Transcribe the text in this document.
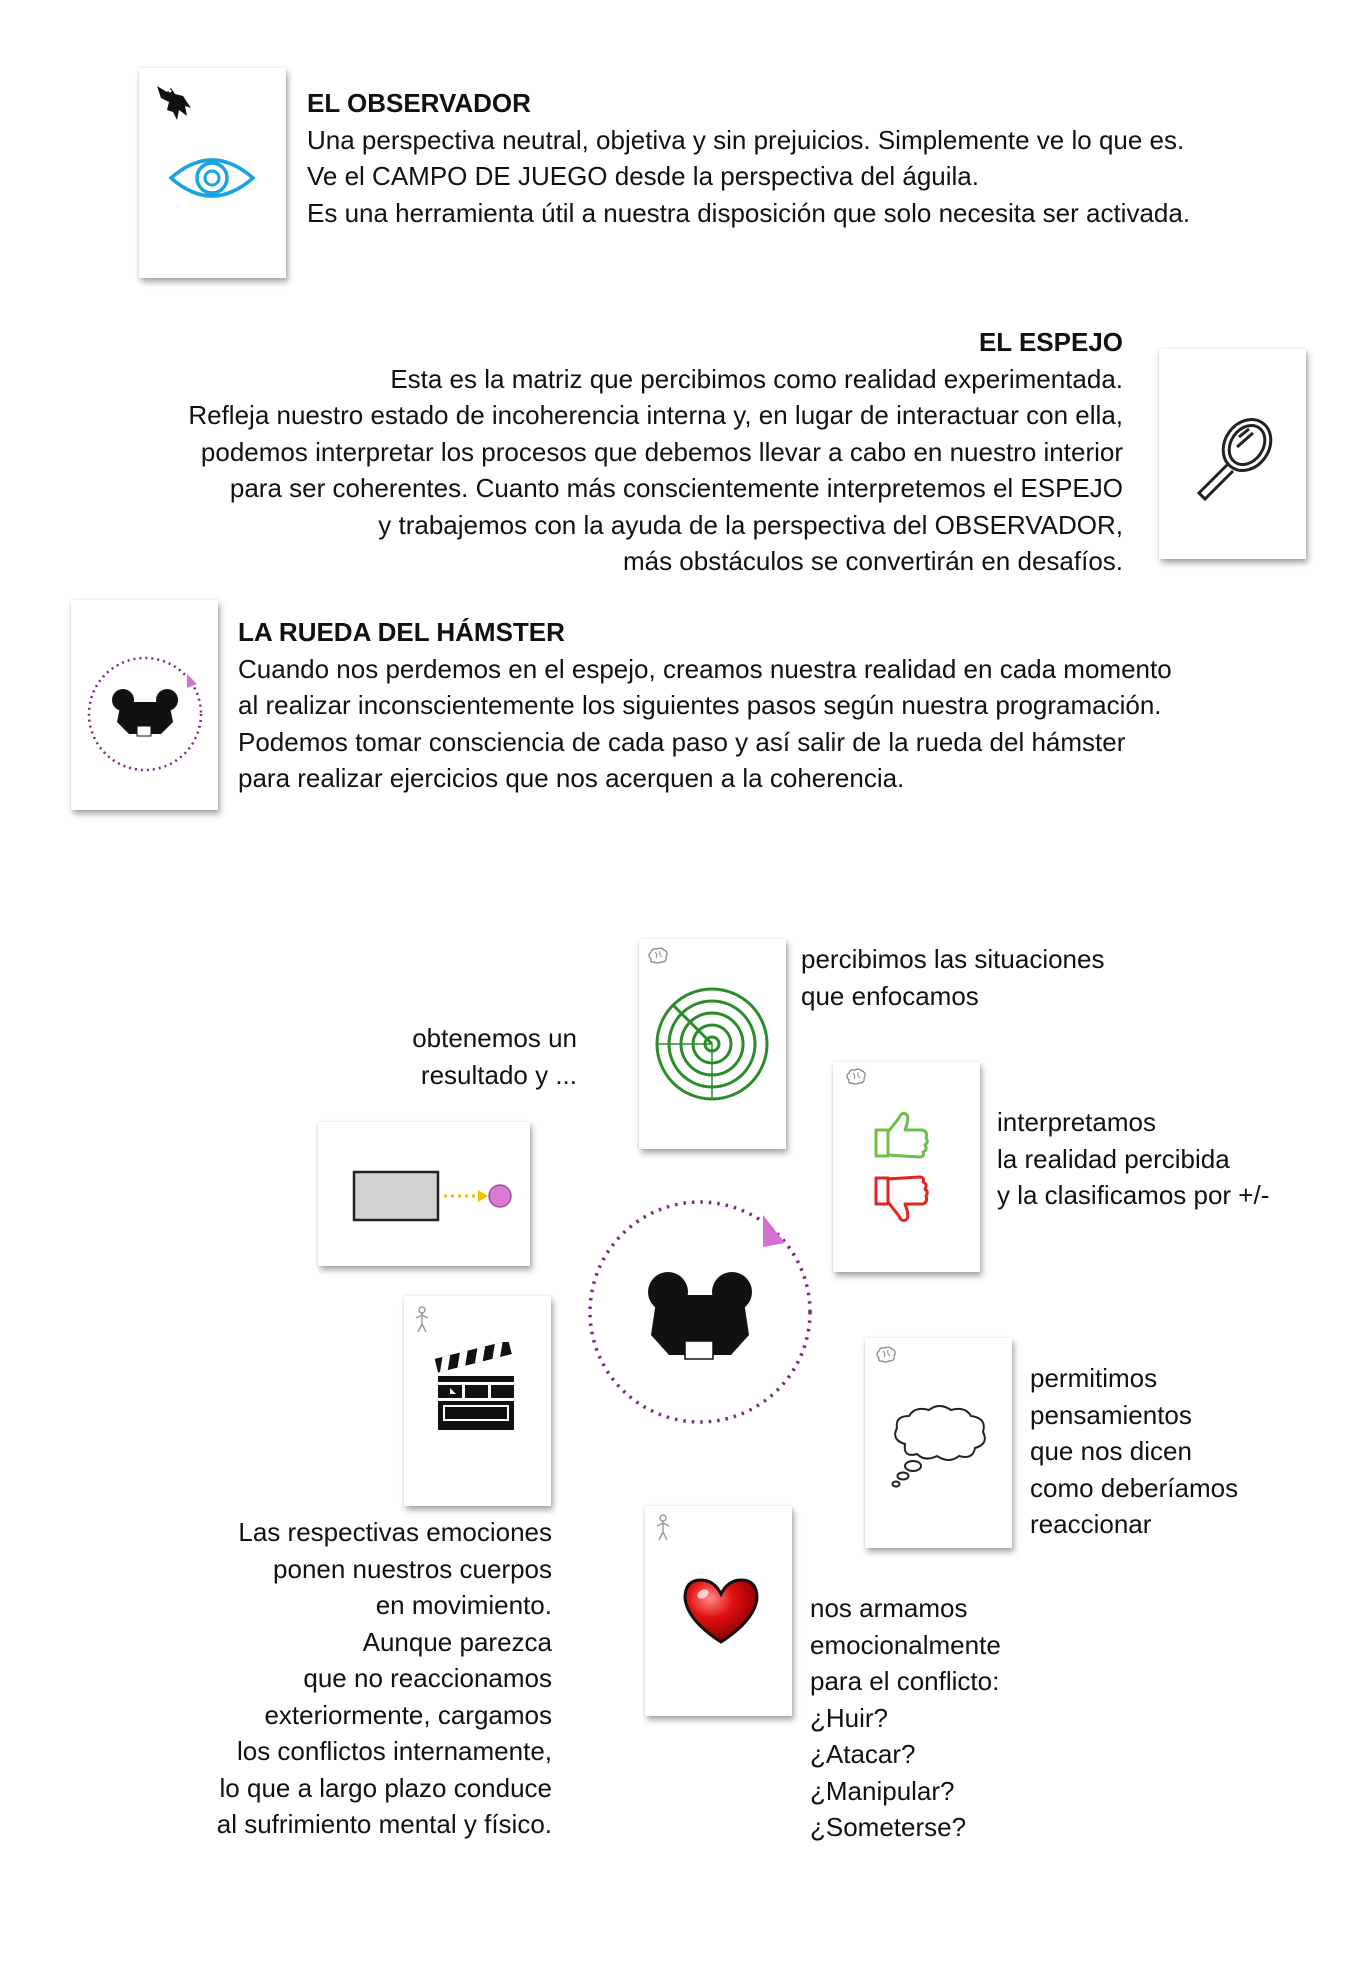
EL OBSERVADOR
Una perspectiva neutral, objetiva y sin prejuicios. Simplemente ve lo que es.
Ve el CAMPO DE JUEGO desde la perspectiva del águila.
Es una herramienta útil a nuestra disposición que solo necesita ser activada.
EL ESPEJO
Esta es la matriz que percibimos como realidad experimentada.
Refleja nuestro estado de incoherencia interna y, en lugar de interactuar con ella,
podemos interpretar los procesos que debemos llevar a cabo en nuestro interior
para ser coherentes. Cuanto más conscientemente interpretemos el ESPEJO
y trabajemos con la ayuda de la perspectiva del OBSERVADOR,
más obstáculos se convertirán en desafíos.
LA RUEDA DEL HÁMSTER
Cuando nos perdemos en el espejo, creamos nuestra realidad en cada momento
al realizar inconscientemente los siguientes pasos según nuestra programación.
Podemos tomar consciencia de cada paso y así salir de la rueda del hámster
para realizar ejercicios que nos acerquen a la coherencia.
percibimos las situaciones
que enfocamos
interpretamos
la realidad percibida
y la clasificamos por +/-
permitimos
pensamientos
que nos dicen
como deberíamos
reaccionar
nos armamos
emocionalmente
para el conflicto:
¿Huir?
¿Atacar?
¿Manipular?
¿Someterse?
Las respectivas emociones
ponen nuestros cuerpos
en movimiento.
Aunque parezca
que no reaccionamos
exteriormente, cargamos
los conflictos internamente,
lo que a largo plazo conduce
al sufrimiento mental y físico.
obtenemos un
resultado y ...
